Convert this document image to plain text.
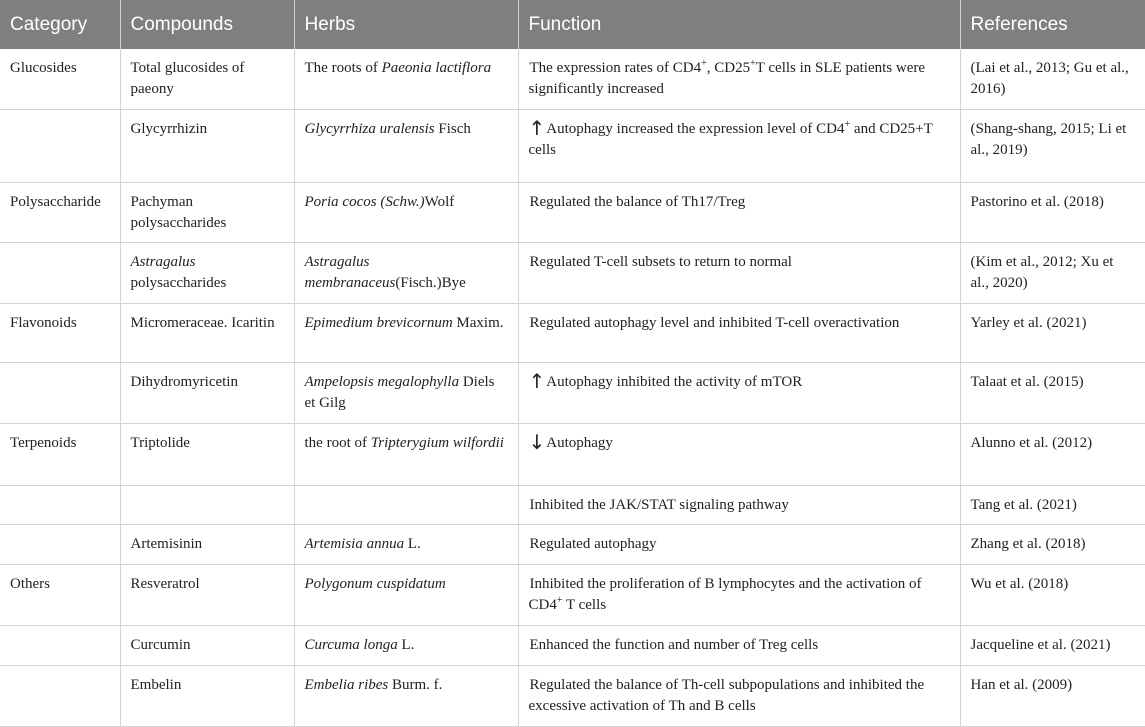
Category	Compounds	Herbs	Function	References
Glucosides	Total glucosides of paeony	The roots of Paeonia lactiflora	The expression rates of CD4+, CD25+T cells in SLE patients were significantly increased	(Lai et al., 2013; Gu et al., 2016)
	Glycyrrhizin	Glycyrrhiza uralensis Fisch	↑Autophagy increased the expression level of CD4+ and CD25+T cells	(Shang-shang, 2015; Li et al., 2019)
Polysaccharide	Pachyman polysaccharides	Poria cocos (Schw.)Wolf	Regulated the balance of Th17/Treg	Pastorino et al. (2018)
	Astragalus polysaccharides	Astragalus membranaceus(Fisch.)Bye	Regulated T-cell subsets to return to normal	(Kim et al., 2012; Xu et al., 2020)
Flavonoids	Micromeraceae. Icaritin	Epimedium brevicornum Maxim.	Regulated autophagy level and inhibited T-cell overactivation	Yarley et al. (2021)
	Dihydromyricetin	Ampelopsis megalophylla Diels et Gilg	↑Autophagy inhibited the activity of mTOR	Talaat et al. (2015)
Terpenoids	Triptolide	the root of Tripterygium wilfordii	↓Autophagy	Alunno et al. (2012)
			Inhibited the JAK/STAT signaling pathway	Tang et al. (2021)
	Artemisinin	Artemisia annua L.	Regulated autophagy	Zhang et al. (2018)
Others	Resveratrol	Polygonum cuspidatum	Inhibited the proliferation of B lymphocytes and the activation of CD4+ T cells	Wu et al. (2018)
	Curcumin	Curcuma longa L.	Enhanced the function and number of Treg cells	Jacqueline et al. (2021)
	Embelin	Embelia ribes Burm. f.	Regulated the balance of Th-cell subpopulations and inhibited the excessive activation of Th and B cells	Han et al. (2009)
